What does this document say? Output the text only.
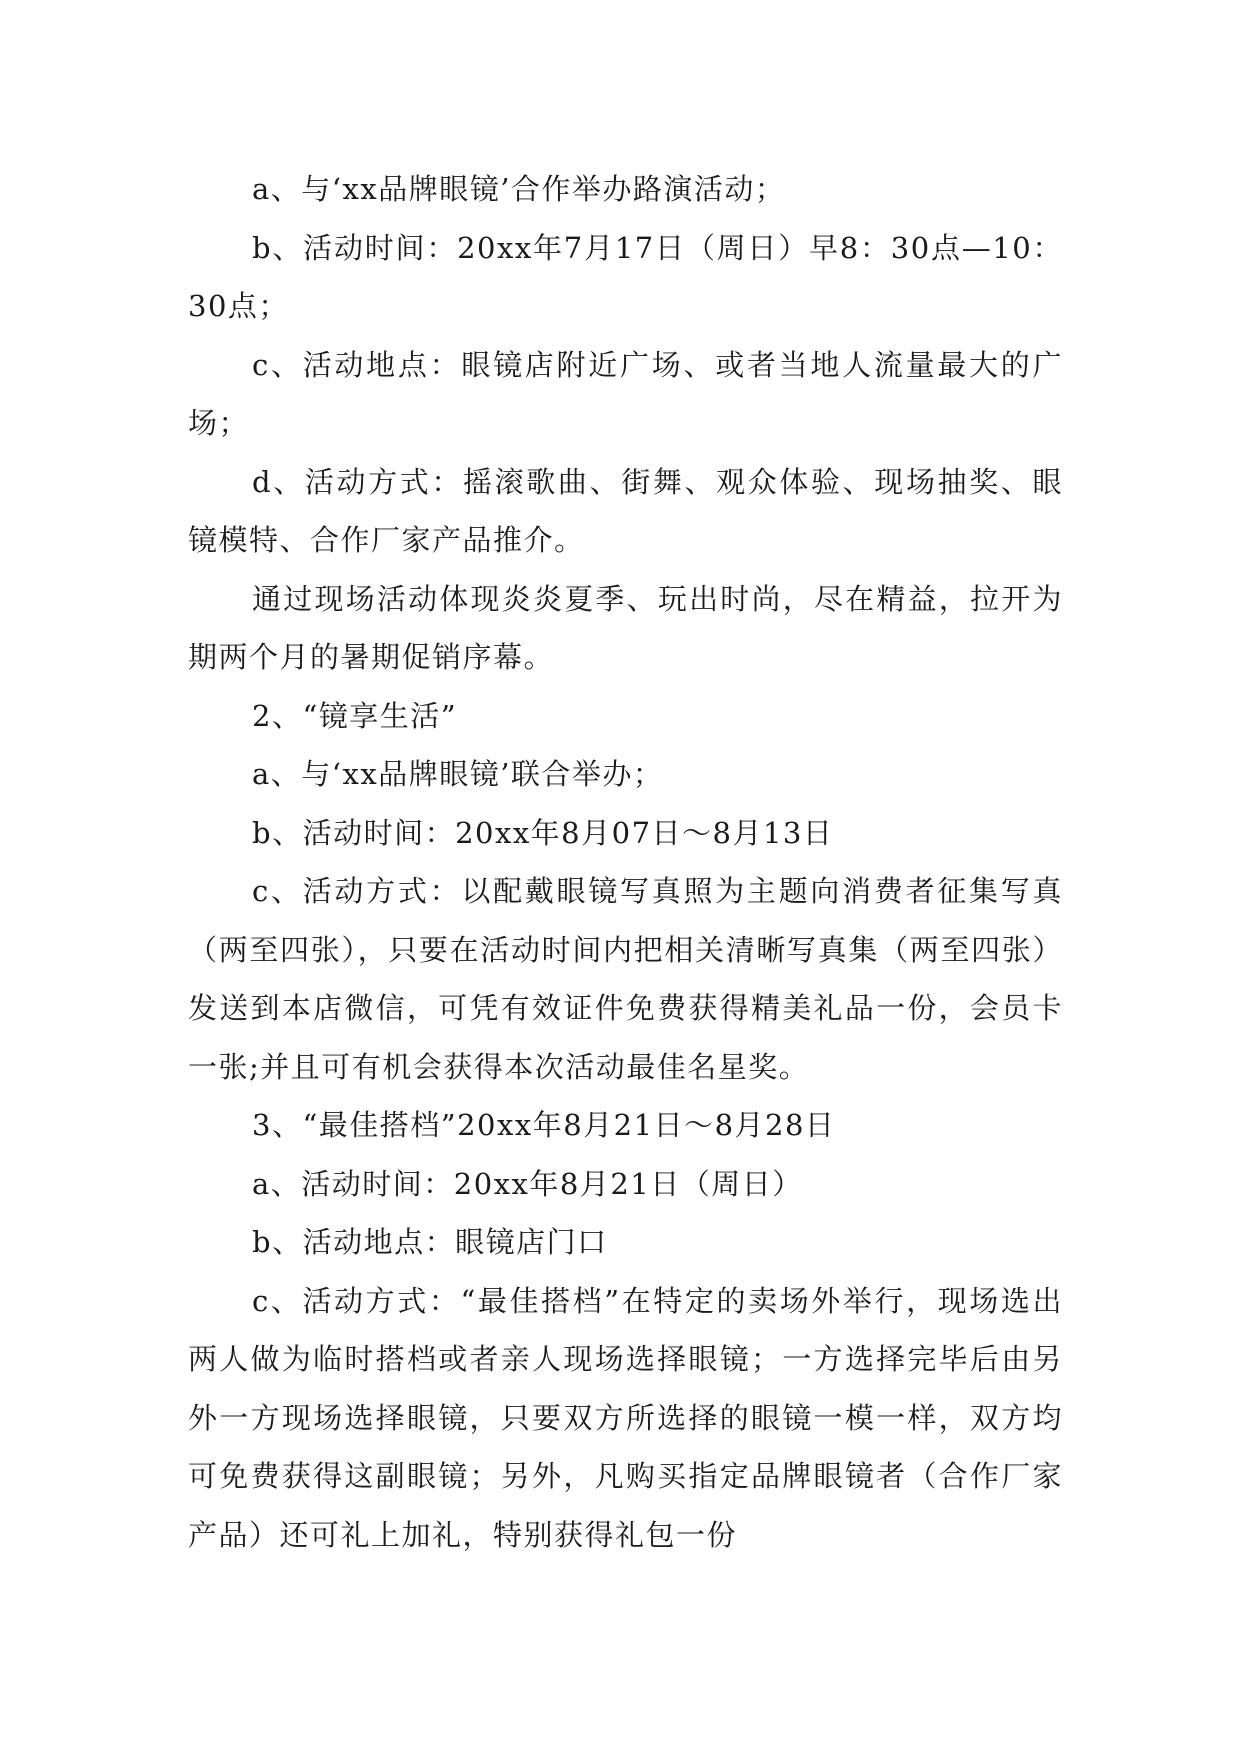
a、与‘xx品牌眼镜’合作举办路演活动；

b、活动时间：20xx年7月17日（周日）早8：30点—10：30点；

c、活动地点：眼镜店附近广场、或者当地人流量最大的广场；

d、活动方式：摇滚歌曲、街舞、观众体验、现场抽奖、眼镜模特、合作厂家产品推介。

通过现场活动体现炎炎夏季、玩出时尚，尽在精益，拉开为期两个月的暑期促销序幕。

2、“镜享生活”

a、与‘xx品牌眼镜’联合举办；

b、活动时间：20xx年8月07日～8月13日

c、活动方式：以配戴眼镜写真照为主题向消费者征集写真（两至四张），只要在活动时间内把相关清晰写真集（两至四张）发送到本店微信，可凭有效证件免费获得精美礼品一份，会员卡一张;并且可有机会获得本次活动最佳名星奖。

3、“最佳搭档”20xx年8月21日～8月28日

a、活动时间：20xx年8月21日（周日）

b、活动地点：眼镜店门口

c、活动方式：“最佳搭档”在特定的卖场外举行，现场选出两人做为临时搭档或者亲人现场选择眼镜；一方选择完毕后由另外一方现场选择眼镜，只要双方所选择的眼镜一模一样，双方均可免费获得这副眼镜；另外，凡购买指定品牌眼镜者（合作厂家产品）还可礼上加礼，特别获得礼包一份
